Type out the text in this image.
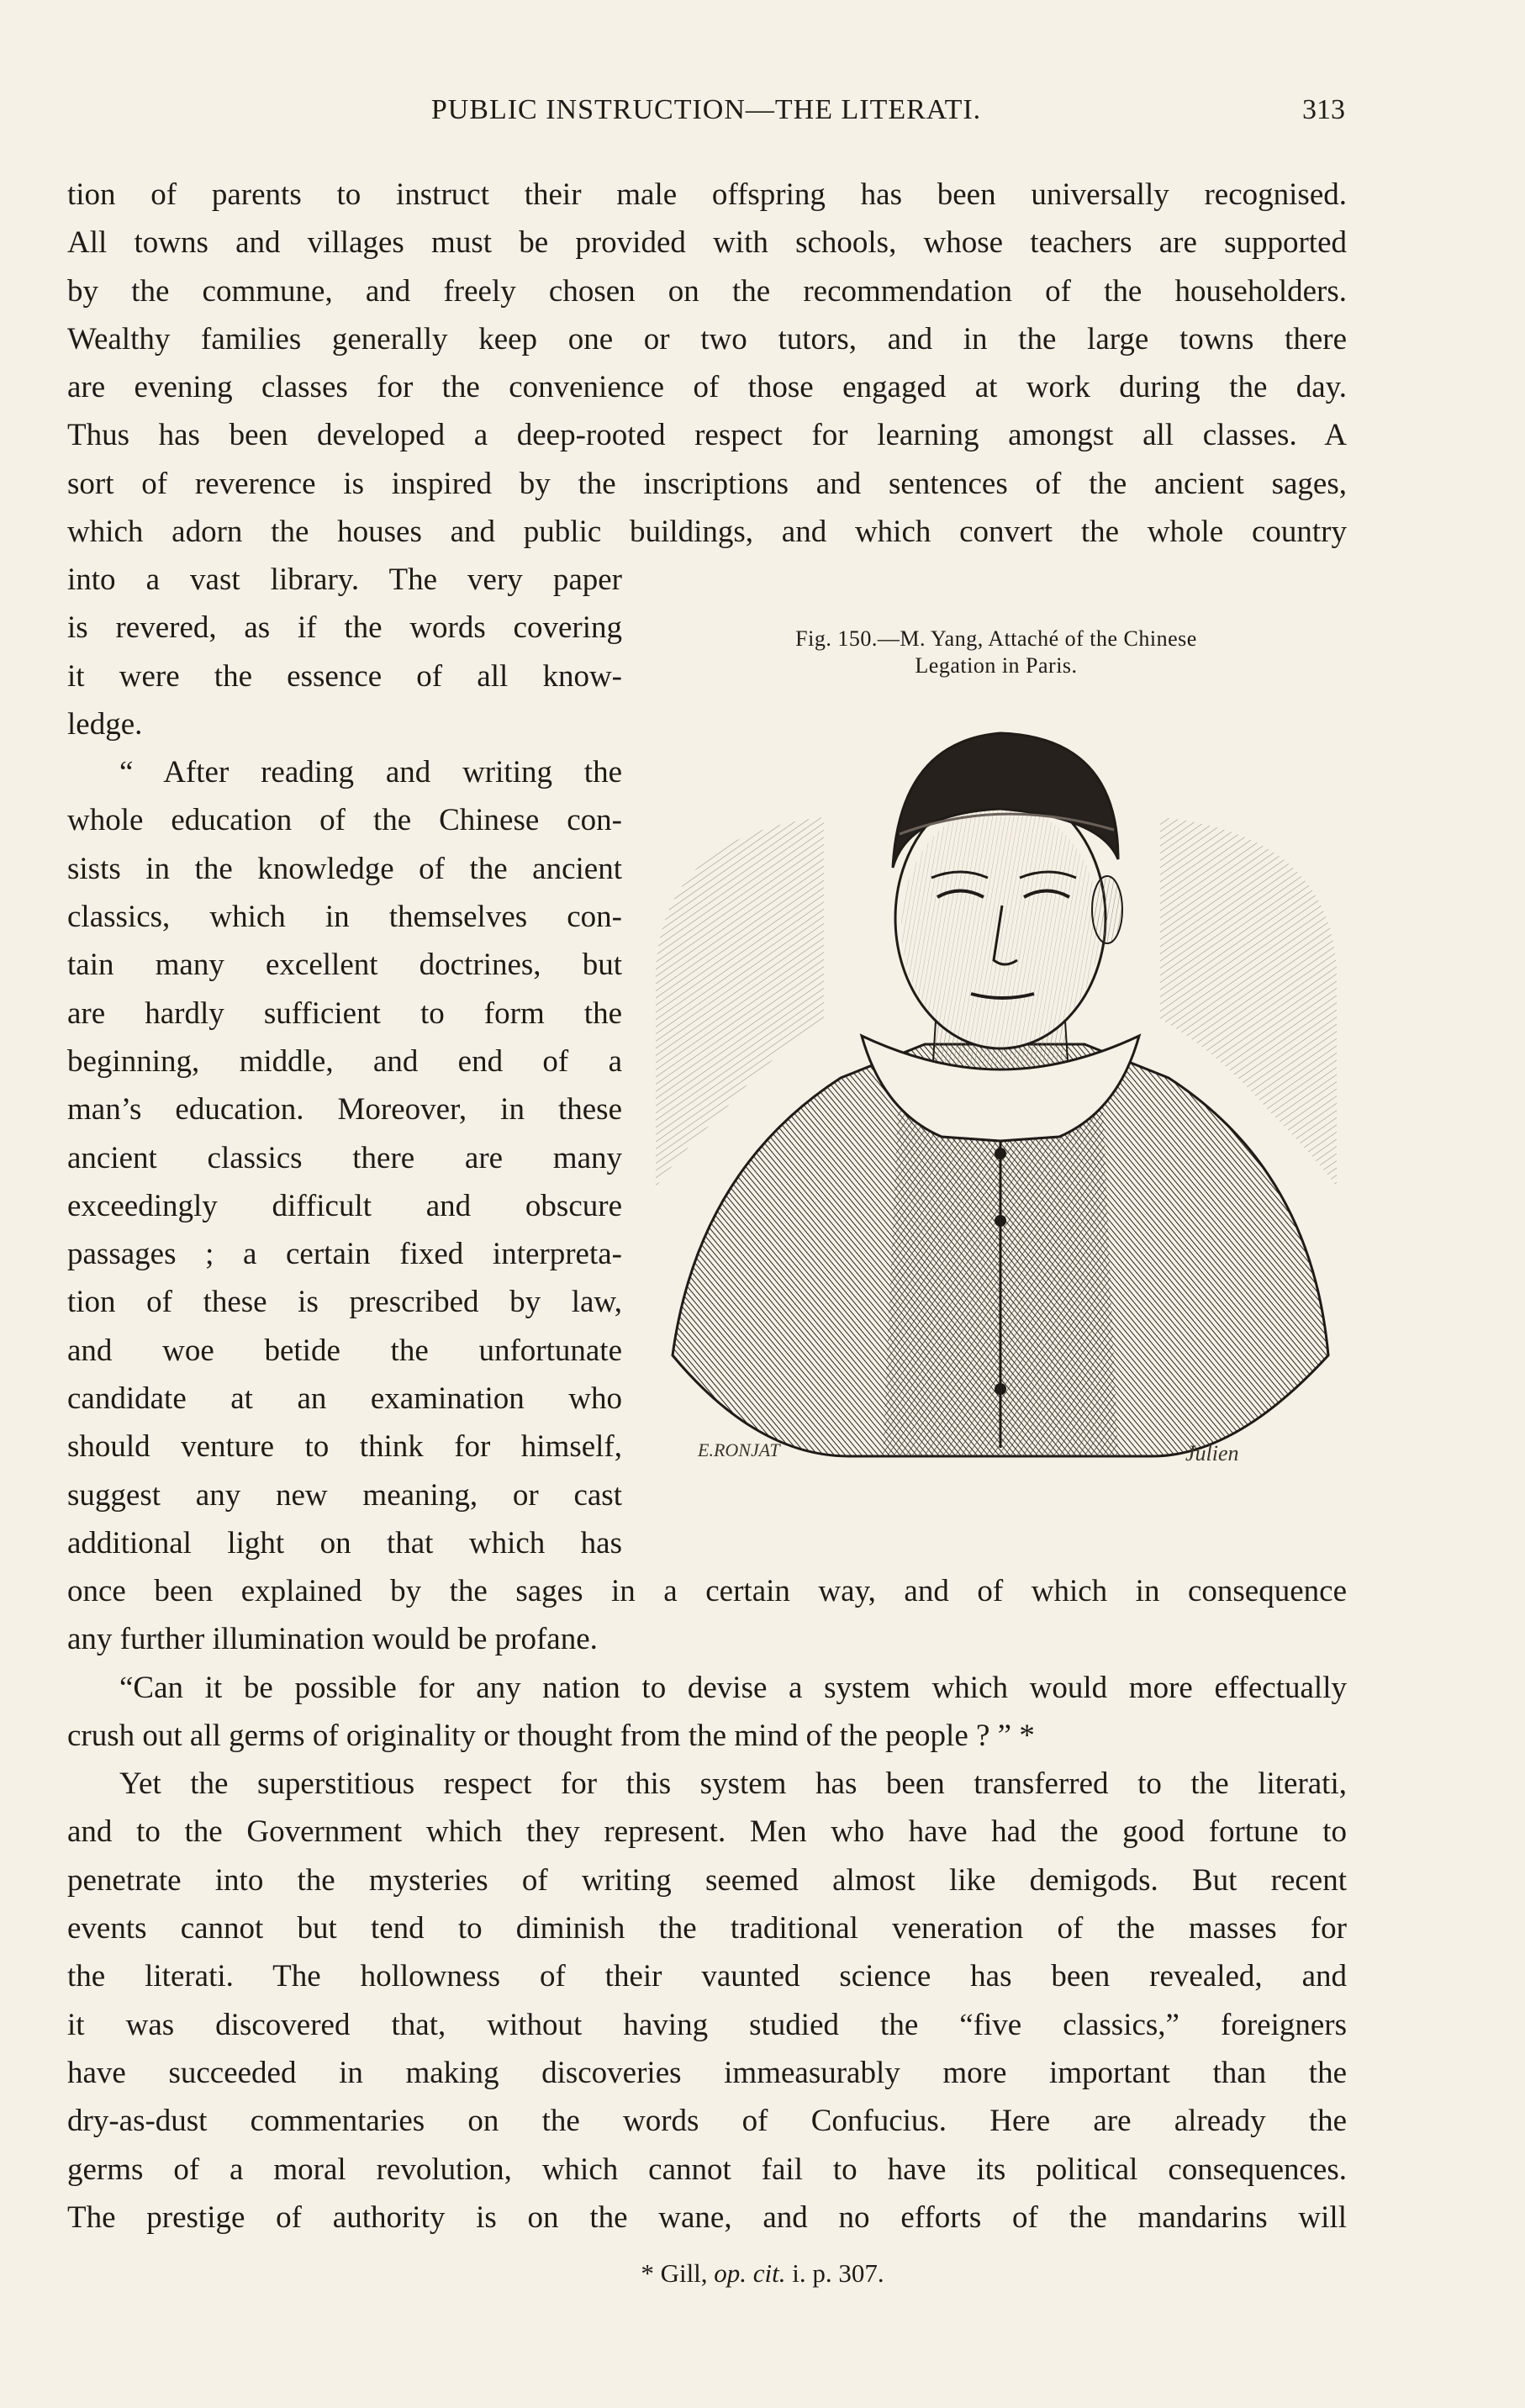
PUBLIC INSTRUCTION—THE LITERATI.	313
tion of parents to instruct their male offspring has been universally recognised.
All towns and villages must be provided with schools, whose teachers are supported
by the commune, and freely chosen on the recommendation of the householders.
Wealthy families generally keep one or two tutors, and in the large towns there
are evening classes for the convenience of those engaged at work during the day.
Thus has been developed a deep-rooted respect for learning amongst all classes. A
sort of reverence is inspired by the inscriptions and sentences of the ancient sages,
which adorn the houses and public buildings, and which convert the whole country
into a vast library. The very paper
is revered, as if the words covering
it were the essence of all know-
ledge.
“ After reading and writing the
whole education of the Chinese con-
sists in the knowledge of the ancient
classics, which in themselves con-
tain many excellent doctrines, but
are hardly sufficient to form the
beginning, middle, and end of a
man’s education. Moreover, in these
ancient classics there are many
exceedingly difficult and obscure
passages ; a certain fixed interpreta-
tion of these is prescribed by law,
and woe betide the unfortunate
candidate at an examination who
should venture to think for himself,
suggest any new meaning, or cast
additional light on that which has
Fig. 150.—M. Yang, Attaché of the Chinese
Legation in Paris.
E.RONJAT	Julien
once been explained by the sages in a certain way, and of which in consequence
any further illumination would be profane.
“Can it be possible for any nation to devise a system which would more effectually
crush out all germs of originality or thought from the mind of the people ? ” *
Yet the superstitious respect for this system has been transferred to the literati,
and to the Government which they represent. Men who have had the good fortune to
penetrate into the mysteries of writing seemed almost like demigods. But recent
events cannot but tend to diminish the traditional veneration of the masses for
the literati. The hollowness of their vaunted science has been revealed, and
it was discovered that, without having studied the “five classics,” foreigners
have succeeded in making discoveries immeasurably more important than the
dry-as-dust commentaries on the words of Confucius. Here are already the
germs of a moral revolution, which cannot fail to have its political consequences.
The prestige of authority is on the wane, and no efforts of the mandarins will
* Gill, op. cit. i. p. 307.
